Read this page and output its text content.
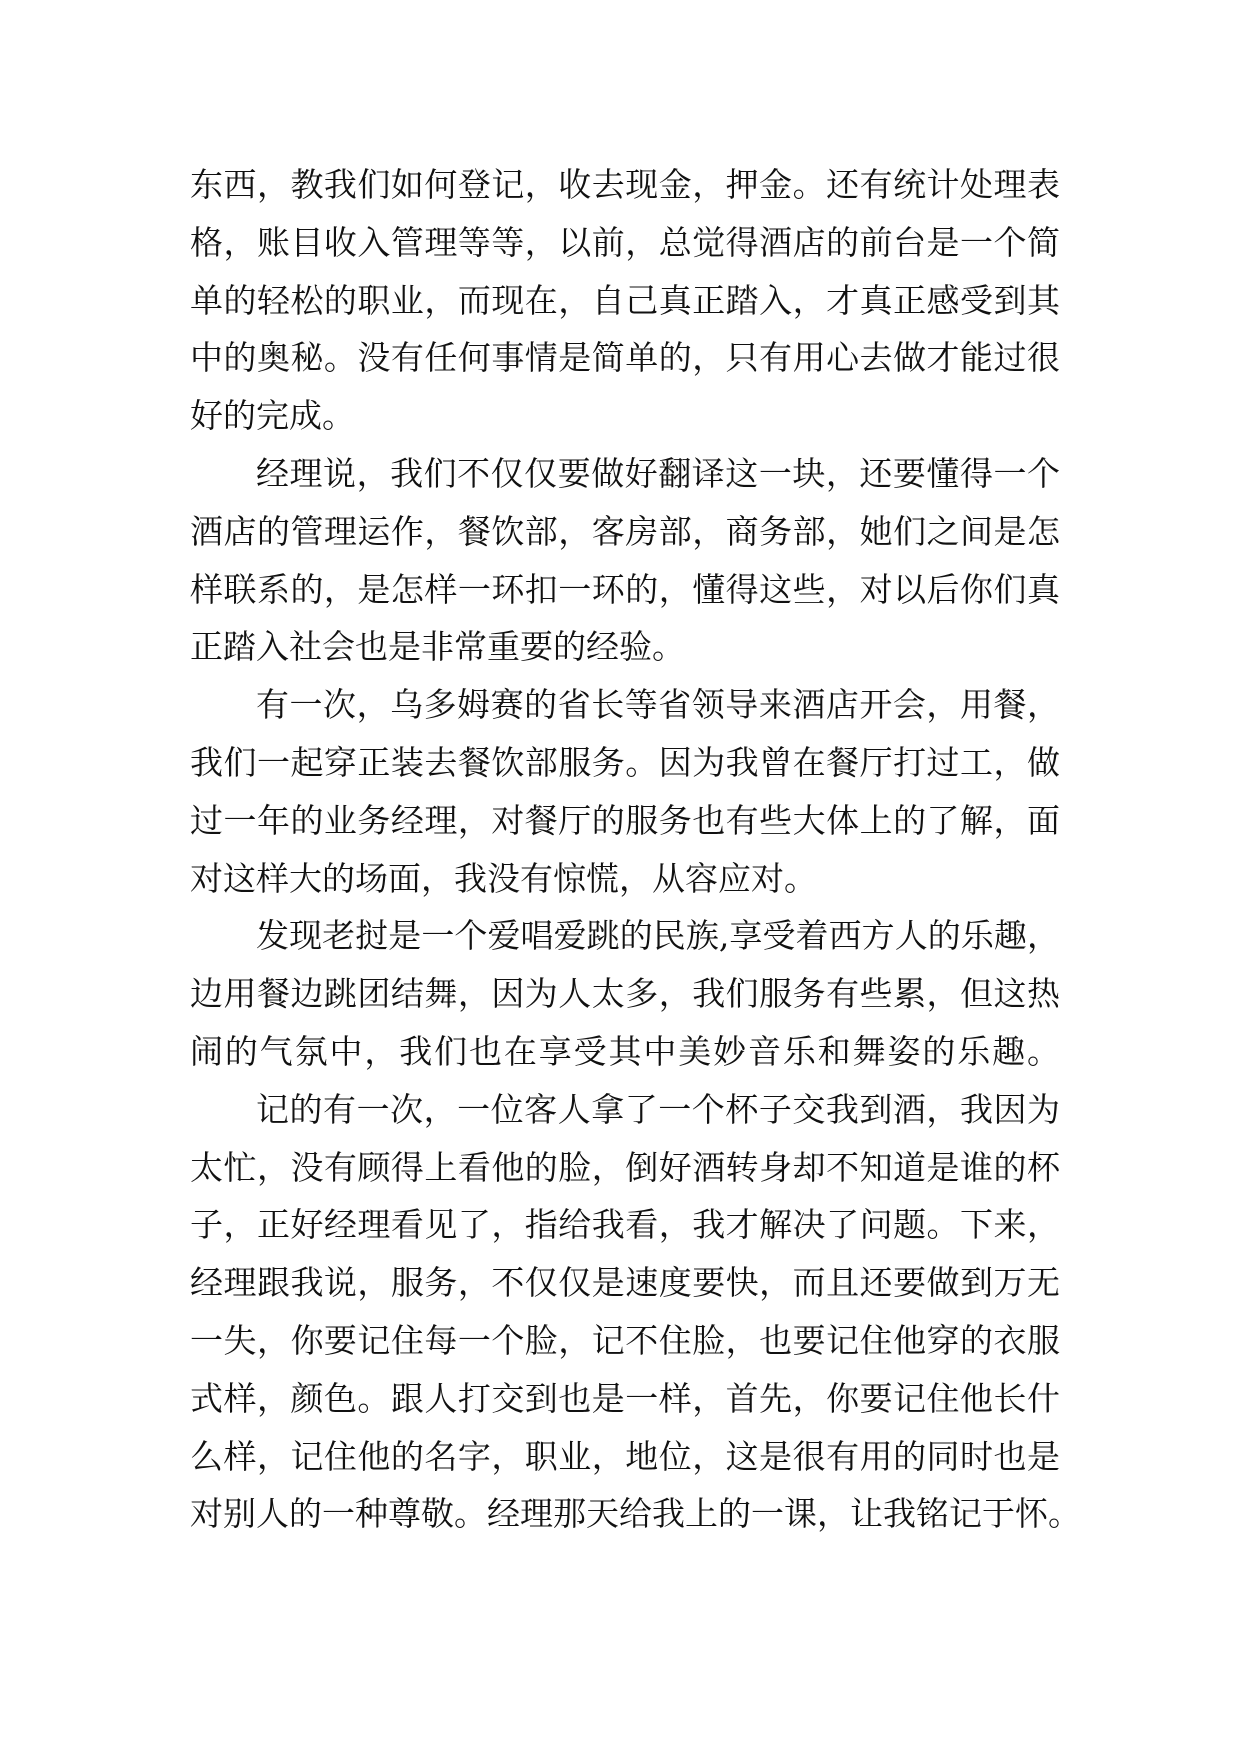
东西，教我们如何登记，收去现金，押金。还有统计处理表
格，账目收入管理等等，以前，总觉得酒店的前台是一个简
单的轻松的职业，而现在，自己真正踏入，才真正感受到其
中的奥秘。没有任何事情是简单的，只有用心去做才能过很
好的完成。
经理说，我们不仅仅要做好翻译这一块，还要懂得一个
酒店的管理运作，餐饮部，客房部，商务部，她们之间是怎
样联系的，是怎样一环扣一环的，懂得这些，对以后你们真
正踏入社会也是非常重要的经验。
有一次，乌多姆赛的省长等省领导来酒店开会，用餐，
我们一起穿正装去餐饮部服务。因为我曾在餐厅打过工，做
过一年的业务经理，对餐厅的服务也有些大体上的了解，面
对这样大的场面，我没有惊慌，从容应对。
发现老挝是一个爱唱爱跳的民族,享受着西方人的乐趣，
边用餐边跳团结舞，因为人太多，我们服务有些累，但这热
闹的气氛中，我们也在享受其中美妙音乐和舞姿的乐趣。
记的有一次，一位客人拿了一个杯子交我到酒，我因为
太忙，没有顾得上看他的脸，倒好酒转身却不知道是谁的杯
子，正好经理看见了，指给我看，我才解决了问题。下来，
经理跟我说，服务，不仅仅是速度要快，而且还要做到万无
一失，你要记住每一个脸，记不住脸，也要记住他穿的衣服
式样，颜色。跟人打交到也是一样，首先，你要记住他长什
么样，记住他的名字，职业，地位，这是很有用的同时也是
对别人的一种尊敬。经理那天给我上的一课，让我铭记于怀。
